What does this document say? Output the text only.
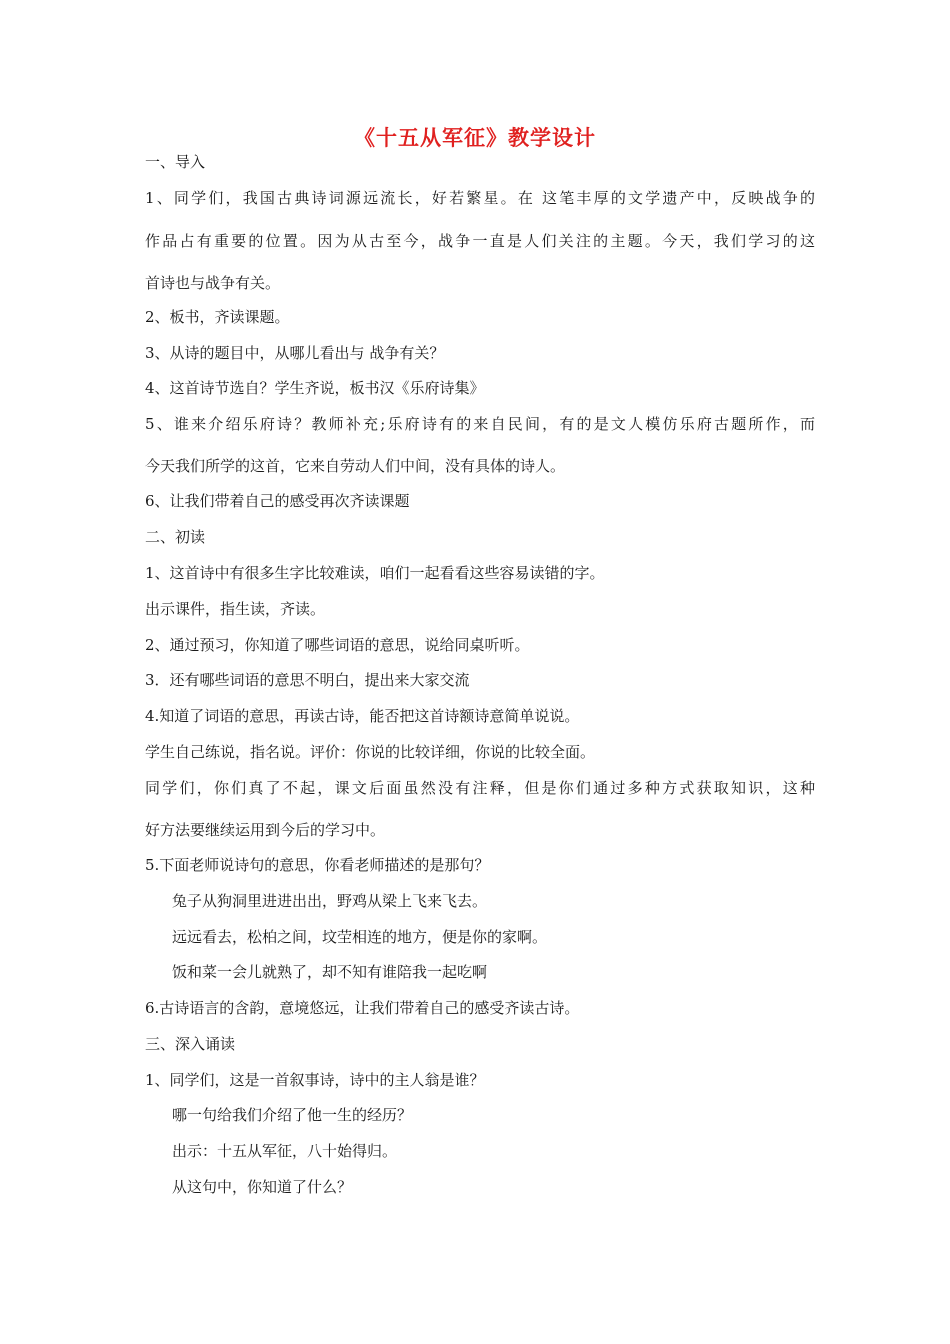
《十五从军征》教学设计
一、导入
1、同学们，我国古典诗词源远流长，好若繁星。在 这笔丰厚的文学遗产中，反映战争的
作品占有重要的位置。因为从古至今，战争一直是人们关注的主题。今天，我们学习的这
首诗也与战争有关。
2、板书，齐读课题。
3、从诗的题目中，从哪儿看出与 战争有关？
4、这首诗节选自？学生齐说，板书汉《乐府诗集》
5、谁来介绍乐府诗？教师补充;乐府诗有的来自民间，有的是文人模仿乐府古题所作，而
今天我们所学的这首，它来自劳动人们中间，没有具体的诗人。
6、让我们带着自己的感受再次齐读课题
二、初读
1、这首诗中有很多生字比较难读，咱们一起看看这些容易读错的字。
出示课件，指生读，齐读。
2、通过预习，你知道了哪些词语的意思，说给同桌听听。
3．还有哪些词语的意思不明白，提出来大家交流
4.知道了词语的意思，再读古诗，能否把这首诗额诗意简单说说。
学生自己练说，指名说。评价：你说的比较详细，你说的比较全面。
同学们，你们真了不起，课文后面虽然没有注释，但是你们通过多种方式获取知识，这种
好方法要继续运用到今后的学习中。
5.下面老师说诗句的意思，你看老师描述的是那句？
兔子从狗洞里进进出出，野鸡从梁上飞来飞去。
远远看去，松柏之间，坟茔相连的地方，便是你的家啊。
饭和菜一会儿就熟了，却不知有谁陪我一起吃啊
6.古诗语言的含韵，意境悠远，让我们带着自己的感受齐读古诗。
三、深入诵读
1、同学们，这是一首叙事诗，诗中的主人翁是谁？
哪一句给我们介绍了他一生的经历？
出示：十五从军征，八十始得归。
从这句中，你知道了什么？
